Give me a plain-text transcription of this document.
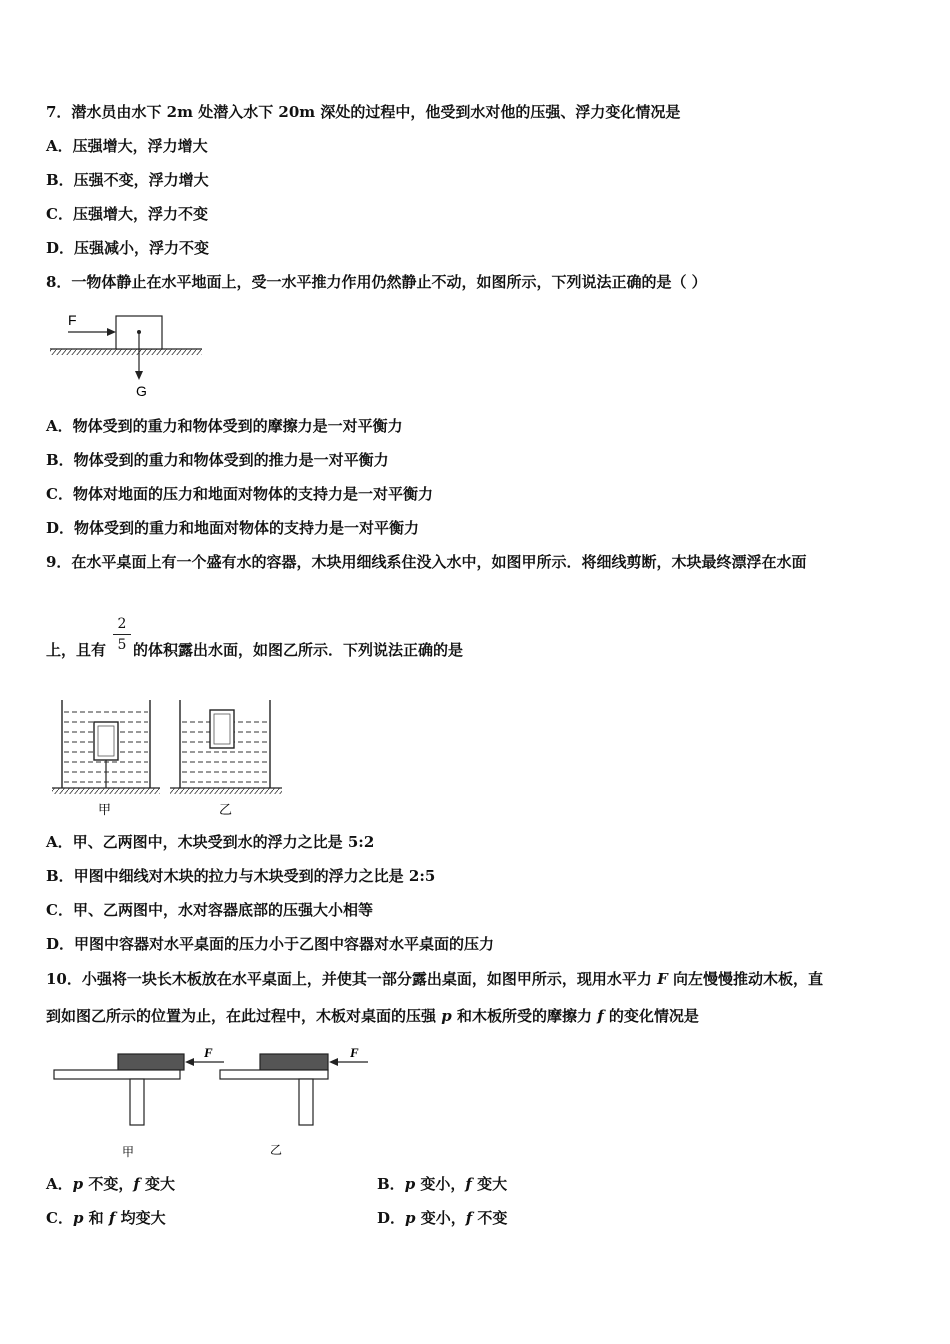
7．潜水员由水下 2m 处潜入水下 20m 深处的过程中，他受到水对他的压强、浮力变化情况是
A．压强增大，浮力增大
B．压强不变，浮力增大
C．压强增大，浮力不变
D．压强减小，浮力不变
8．一物体静止在水平地面上，受一水平推力作用仍然静止不动，如图所示，下列说法正确的是（ ）
F
G
A．物体受到的重力和物体受到的摩擦力是一对平衡力
B．物体受到的重力和物体受到的推力是一对平衡力
C．物体对地面的压力和地面对物体的支持力是一对平衡力
D．物体受到的重力和地面对物体的支持力是一对平衡力
9．在水平桌面上有一个盛有水的容器，木块用细线系住没入水中，如图甲所示．将细线剪断，木块最终漂浮在水面
上，且有
2
5 的体积露出水面，如图乙所示．下列说法正确的是
甲	乙
A．甲、乙两图中，木块受到水的浮力之比是 5:2
B．甲图中细线对木块的拉力与木块受到的浮力之比是 2:5
C．甲、乙两图中，水对容器底部的压强大小相等
D．甲图中容器对水平桌面的压力小于乙图中容器对水平桌面的压力
10．小强将一块长木板放在水平桌面上，并使其一部分露出桌面，如图甲所示，现用水平力 F 向左慢慢推动木板，直
到如图乙所示的位置为止，在此过程中，木板对桌面的压强 p 和木板所受的摩擦力 f 的变化情况是
F
甲
F
乙
A．p 不变，f 变大	B．p 变小，f 变大
C．p 和 f 均变大	D．p 变小，f 不变
